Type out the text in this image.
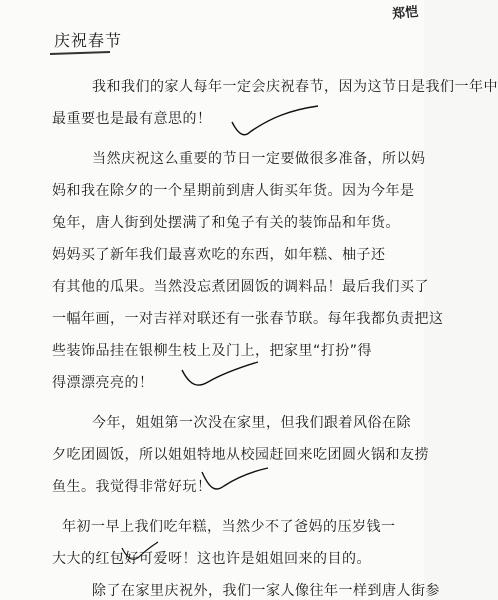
郑恺
庆祝春节
我和我们的家人每年一定会庆祝春节，因为这节日是我们一年中
最重要也是最有意思的！
当然庆祝这么重要的节日一定要做很多准备，所以妈
妈和我在除夕的一个星期前到唐人街买年货。因为今年是
兔年，唐人街到处摆满了和兔子有关的装饰品和年货。
妈妈买了新年我们最喜欢吃的东西，如年糕、柚子还
有其他的瓜果。当然没忘煮团圆饭的调料品！最后我们买了
一幅年画，一对吉祥对联还有一张春节联。每年我都负责把这
些装饰品挂在银柳生枝上及门上，把家里“打扮”得
得漂漂亮亮的！
今年，姐姐第一次没在家里，但我们跟着风俗在除
夕吃团圆饭，所以姐姐特地从校园赶回来吃团圆火锅和友捞
鱼生。我觉得非常好玩！
年初一早上我们吃年糕，当然少不了爸妈的压岁钱一
大大的红包好可爱呀！这也许是姐姐回来的目的。
除了在家里庆祝外，我们一家人像往年一样到唐人街参
